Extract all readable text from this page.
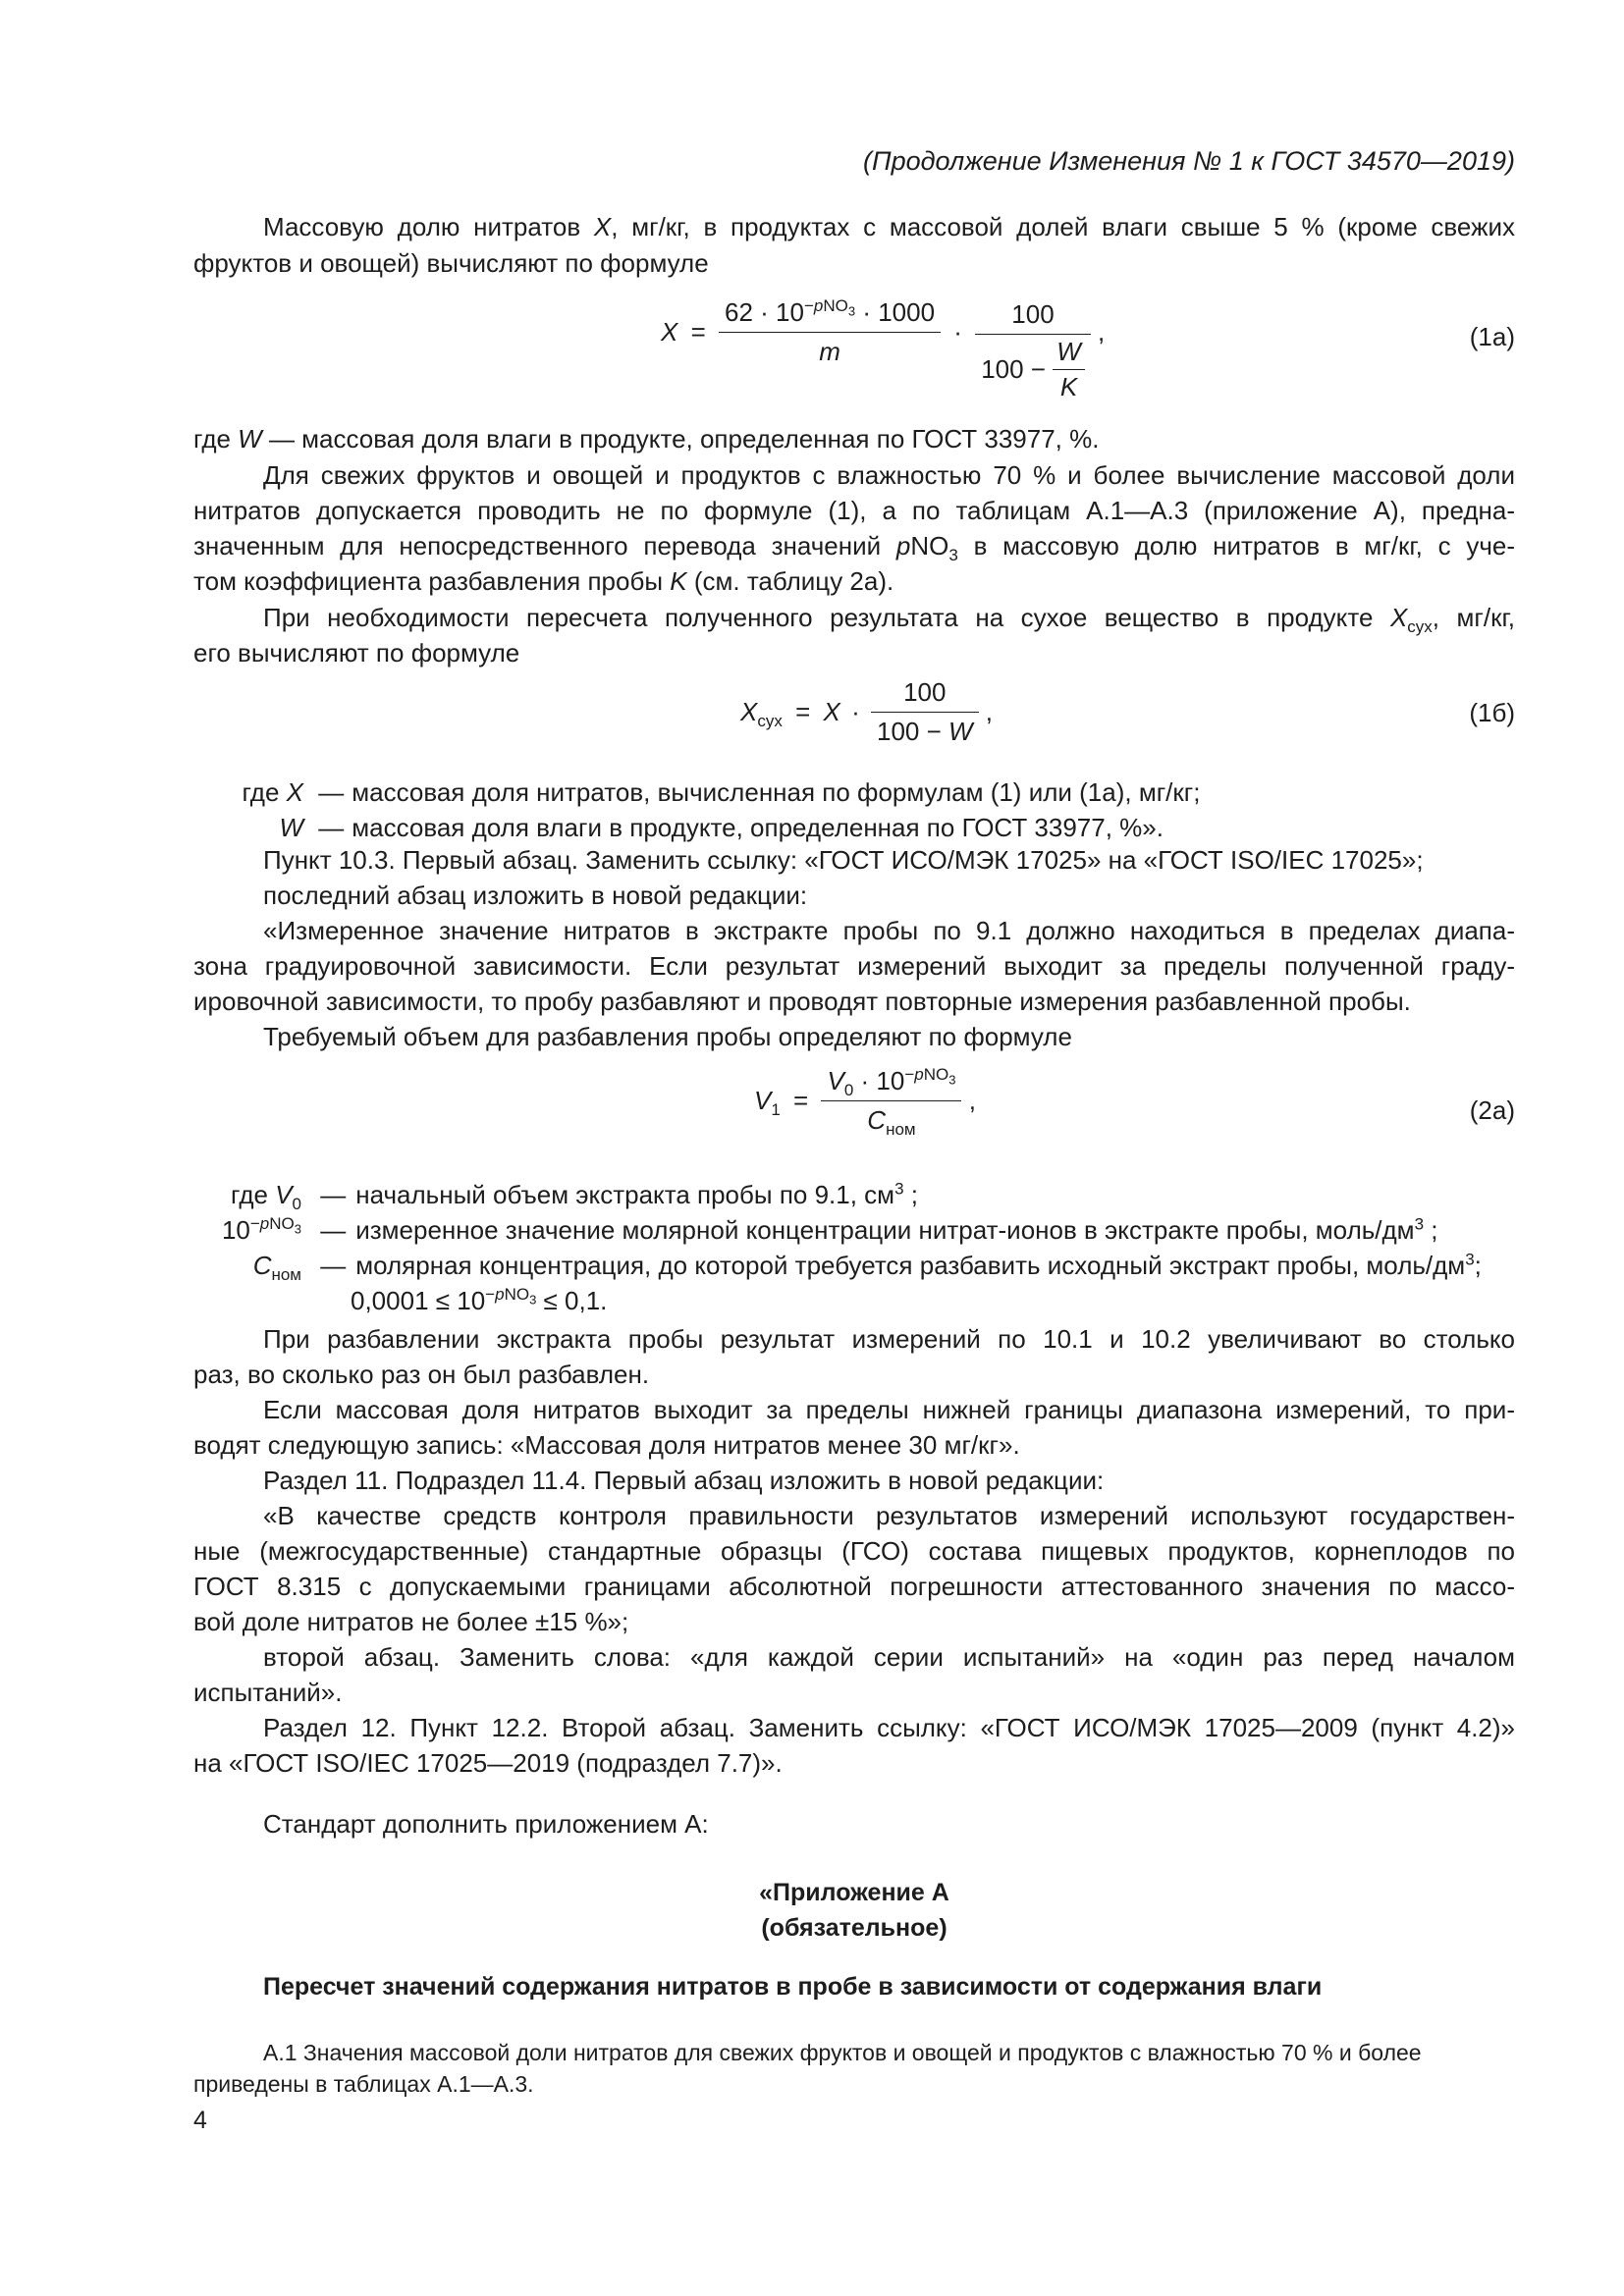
(Продолжение Изменения № 1 к ГОСТ 34570—2019)
Массовую долю нитратов X, мг/кг, в продуктах с массовой долей влаги свыше 5 % (кроме свежих
фруктов и овощей) вычисляют по формуле
$X = \frac{62 \cdot 10^{-pNO_3} \cdot 1000}{m} \cdot \frac{100}{100 - \frac{W}{K}}$ ,	(1а)
где W — массовая доля влаги в продукте, определенная по ГОСТ 33977, %.
Для свежих фруктов и овощей и продуктов с влажностью 70 % и более вычисление массовой доли
нитратов допускается проводить не по формуле (1), а по таблицам А.1—А.3 (приложение А), предна-
значенным для непосредственного перевода значений pNO$_3$ в массовую долю нитратов в мг/кг, с уче-
том коэффициента разбавления пробы K (см. таблицу 2а).
При необходимости пересчета полученного результата на сухое вещество в продукте $X_{сух}$, мг/кг,
его вычисляют по формуле
$X_{сух} = X \cdot \frac{100}{100 - W}$ ,	(1б)
где X — массовая доля нитратов, вычисленная по формулам (1) или (1а), мг/кг;
W — массовая доля влаги в продукте, определенная по ГОСТ 33977, %».
Пункт 10.3. Первый абзац. Заменить ссылку: «ГОСТ ИСО/МЭК 17025» на «ГОСТ ISO/IEC 17025»;
последний абзац изложить в новой редакции:
«Измеренное значение нитратов в экстракте пробы по 9.1 должно находиться в пределах диапа-
зона градуировочной зависимости. Если результат измерений выходит за пределы полученной граду-
ировочной зависимости, то пробу разбавляют и проводят повторные измерения разбавленной пробы.
Требуемый объем для разбавления пробы определяют по формуле
$V_1 = \frac{V_0 \cdot 10^{-pNO_3}}{C_{ном}}$ ,	(2а)
где $V_0$ — начальный объем экстракта пробы по 9.1, $см^3$ ;
$10^{-pNO_3}$ — измеренное значение молярной концентрации нитрат-ионов в экстракте пробы, моль/$дм^3$ ;
$C_{ном}$ — молярная концентрация, до которой требуется разбавить исходный экстракт пробы, моль/$дм^3$;
$0,0001 \le 10^{-pNO_3} \le 0,1$.
При разбавлении экстракта пробы результат измерений по 10.1 и 10.2 увеличивают во столько
раз, во сколько раз он был разбавлен.
Если массовая доля нитратов выходит за пределы нижней границы диапазона измерений, то при-
водят следующую запись: «Массовая доля нитратов менее 30 мг/кг».
Раздел 11. Подраздел 11.4. Первый абзац изложить в новой редакции:
«В качестве средств контроля правильности результатов измерений используют государствен-
ные (межгосударственные) стандартные образцы (ГСО) состава пищевых продуктов, корнеплодов по
ГОСТ 8.315 с допускаемыми границами абсолютной погрешности аттестованного значения по массо-
вой доле нитратов не более ±15 %»;
второй абзац. Заменить слова: «для каждой серии испытаний» на «один раз перед началом
испытаний».
Раздел 12. Пункт 12.2. Второй абзац. Заменить ссылку: «ГОСТ ИСО/МЭК 17025—2009 (пункт 4.2)»
на «ГОСТ ISO/IEC 17025—2019 (подраздел 7.7)».
Стандарт дополнить приложением А:
«Приложение А
(обязательное)
Пересчет значений содержания нитратов в пробе в зависимости от содержания влаги
А.1 Значения массовой доли нитратов для свежих фруктов и овощей и продуктов с влажностью 70 % и более
приведены в таблицах А.1—А.3.
4
